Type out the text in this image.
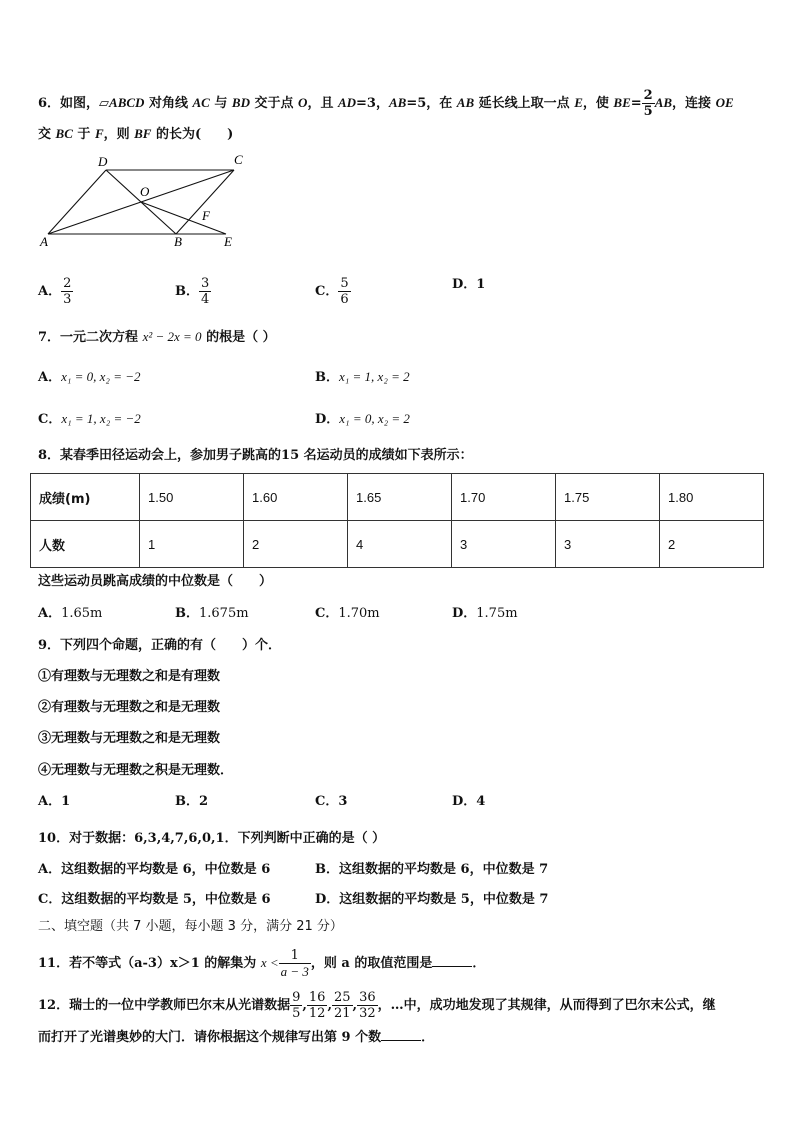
6．如图，▱ABCD 对角线 AC 与 BD 交于点 O，且 AD=3，AB=5，在 AB 延长线上取一点 E，使 $BE= \frac{2}{5}$ AB，连接 OE
交 BC 于 F，则 BF 的长为(　　)
D	C
O
F
A	B	E
A． $\frac{2}{3}$	B． $\frac{3}{4}$	C． $\frac{5}{6}$	D．1
7．一元二次方程 x² − 2x = 0 的根是（ ）
A．x₁ = 0, x₂ = −2	B．x₁ = 1, x₂ = 2
C．x₁ = 1, x₂ = −2	D．x₁ = 0, x₂ = 2
8．某春季田径运动会上，参加男子跳高的15 名运动员的成绩如下表所示：
成绩(m)	1.50	1.60	1.65	1.70	1.75	1.80
人数	1	2	4	3	3	2
这些运动员跳高成绩的中位数是（　　）
A．1.65m	B．1.675m	C．1.70m	D．1.75m
9．下列四个命题，正确的有（　　）个．
①有理数与无理数之和是有理数
②有理数与无理数之和是无理数
③无理数与无理数之和是无理数
④无理数与无理数之积是无理数．
A．1	B．2	C．3	D．4
10．对于数据：6,3,4,7,6,0,1．下列判断中正确的是（ ）
A．这组数据的平均数是 6，中位数是 6	B．这组数据的平均数是 6，中位数是 7
C．这组数据的平均数是 5，中位数是 6	D．这组数据的平均数是 5，中位数是 7
二、填空题（共 7 小题，每小题 3 分，满分 21 分）
11．若不等式（a-3）x＞1 的解集为 $x < \frac{1}{a - 3}$ ，则 a 的取值范围是	．
12．瑞士的一位中学教师巴尔末从光谱数据 $\frac{9}{5}$ , $\frac{16}{12}$ , $\frac{25}{21}$ , $\frac{36}{32}$ ，…中，成功地发现了其规律，从而得到了巴尔末公式，继
而打开了光谱奥妙的大门．请你根据这个规律写出第 9 个数	．
